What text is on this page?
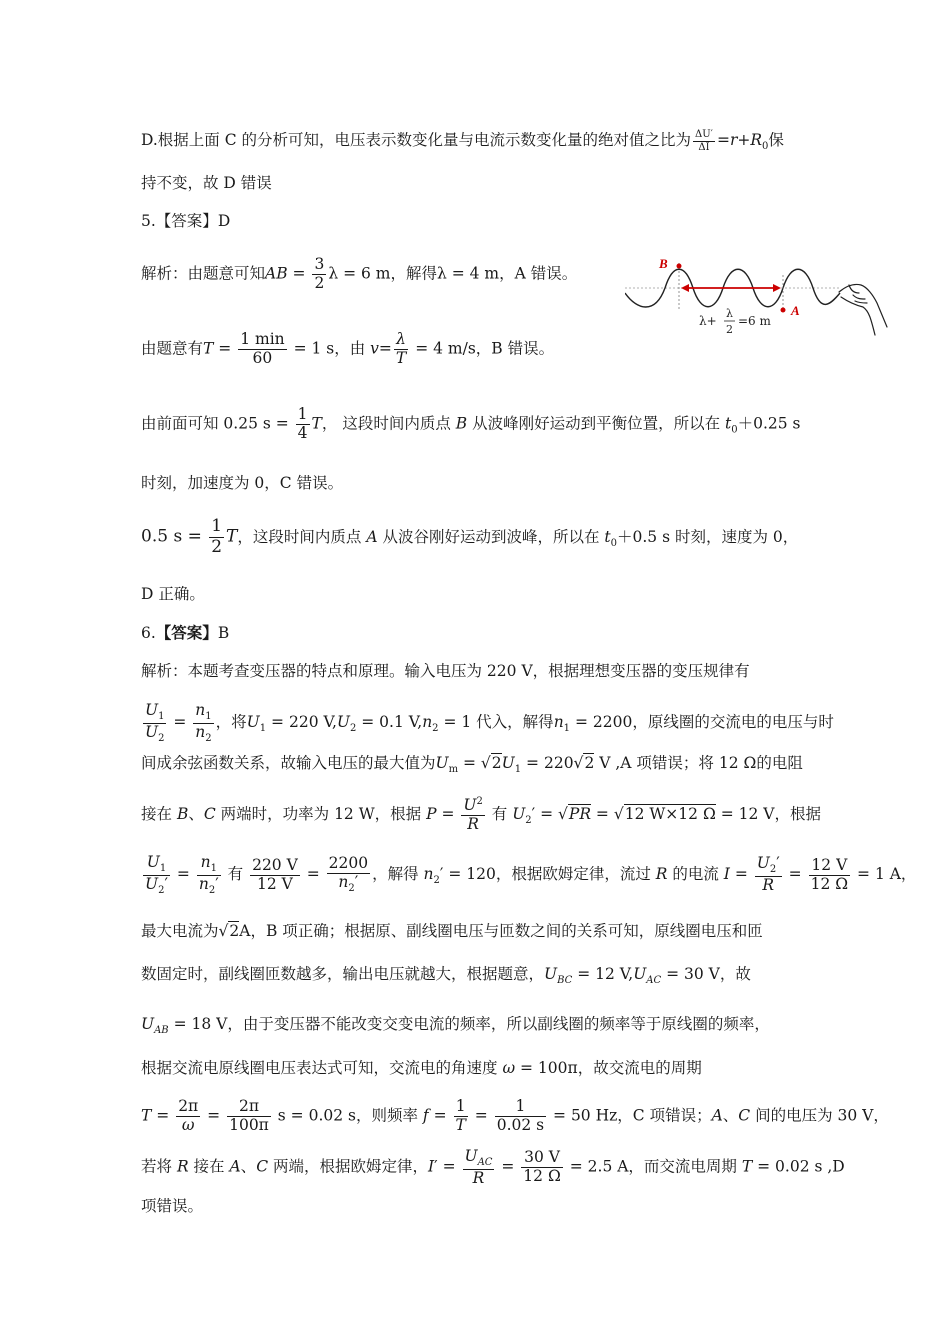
D.根据上面 C 的分析可知，电压表示数变化量与电流示数变化量的绝对值之比为 $\frac{\Delta U'}{\Delta I} =r+R_0$保
持不变，故 D 错误
5.【答案】D
解析：由题意可知AB = $\frac{3}{2}$ λ = 6 m，解得λ = 4 m，A 错误。
B
A
λ+
λ
2
=6 m
由题意有$T = \frac{1 \min}{60} = 1$ s，由 $v= \frac{\lambda}{T} = 4$ m/s，B 错误。
由前面可知 0.25 $s = \frac{1}{4}$ T， 这段时间内质点 B 从波峰刚好运动到平衡位置，所以在 $t_0+0.25$ s
时刻，加速度为 0，C 错误。
0.5 $s = \frac{1}{2}$ T，这段时间内质点 A 从波谷刚好运动到波峰，所以在 $t_0+0.5$ s 时刻，速度为 0，
D 正确。
6.【答案】B
解析：本题考查变压器的特点和原理。输入电压为 220 V，根据理想变压器的变压规律有
$\frac{U_1}{U_2} = \frac{n_1}{n_2}$ ，将$U_1 = 220$ $V,U_2 = 0.1$ $V,n_2 = 1$ 代入，解得$n_1 = 2200$，原线圈的交流电的电压与时
间成余弦函数关系，故输入电压的最大值为$U_m = √2U_1 = 220√2$ V ,A 项错误；将 12 Ω的电阻
接在 B、C 两端时，功率为 12 W，根据 $P = \frac{U^2}{R}$ 有 $U_2' = √PR = √12$ W×12 Ω = 12 V，根据
$\frac{U_1}{U_2'} = \frac{n_1}{n_2'}$ 有 $\frac{220 V}{12 V} = \frac{2200}{n_2'}$ ，解得 $n_2' = 120$，根据欧姆定律，流过 R 的电流 $I = \frac{U_2'}{R} = \frac{12 V}{12 \Omega} = 1$ A，
最大电流为√2A，B 项正确；根据原、副线圈电压与匝数之间的关系可知，原线圈电压和匝
数固定时，副线圈匝数越多，输出电压就越大，根据题意，$U_{BC} = 12$ $V,U_{AC} = 30$ V，故
$U_{AB} = 18$ V，由于变压器不能改变交变电流的频率，所以副线圈的频率等于原线圈的频率，
根据交流电原线圈电压表达式可知，交流电的角速度 ω = 100π，故交流电的周期
$T = \frac{2\pi}{\omega} = \frac{2\pi}{100\pi}$ s = 0.02 s，则频率 $f = \frac{1}{T} = \frac{1}{0.02 s} = 50$ Hz，C 项错误；A、C 间的电压为 30 V，
若将 R 接在 A、C 两端，根据欧姆定律，$I' = \frac{U_{AC}}{R} = \frac{30 V}{12 \Omega} = 2.5$ A，而交流电周期 T = 0.02 s ,D
项错误。
